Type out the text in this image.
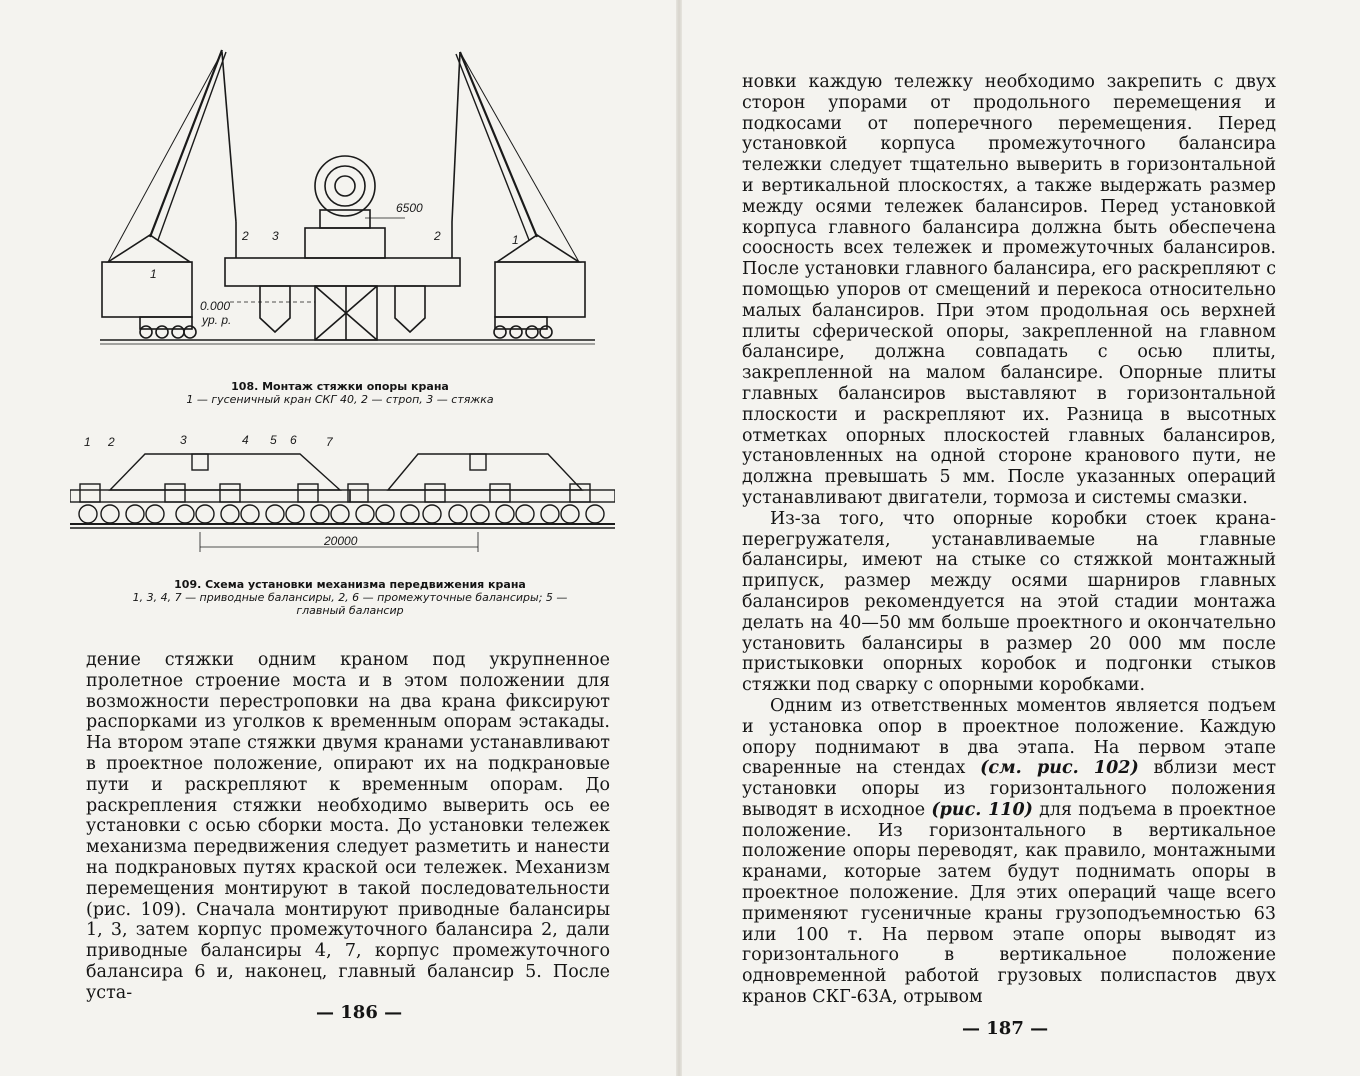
1
2 3	2	1
6500
0.000
ур. р.
108. Монтаж стяжки опоры крана
1 — гусеничный кран СКГ 40, 2 — строп, 3 — стяжка
1 2	3	4 5 6 7
20000
109. Схема установки механизма передвижения крана
1, 3, 4, 7 — приводные балансиры, 2, 6 — промежуточные балансиры; 5 —
главный балансир

дение стяжки одним краном под укрупненное пролетное строение моста и в этом положении для возможности перестроповки на два крана фиксируют распорками из уголков к временным опорам эстакады. На втором этапе стяжки двумя кранами устанавливают в проектное положение, опирают их на подкрановые пути и раскрепляют к временным опорам. До раскрепления стяжки необходимо выверить ось ее установки с осью сборки моста. До установки тележек механизма передвижения следует разметить и нанести на подкрановых путях краской оси тележек. Механизм перемещения монтируют в такой последовательности (рис. 109). Сначала монтируют приводные балансиры 1, 3, затем корпус промежуточного балансира 2, дали приводные балансиры 4, 7, корпус промежуточного балансира 6 и, наконец, главный балансир 5. После уста-

— 186 —

новки каждую тележку необходимо закрепить с двух сторон упорами от продольного перемещения и подкосами от поперечного перемещения. Перед установкой корпуса промежуточного балансира тележки следует тщательно выверить в горизонтальной и вертикальной плоскостях, а также выдержать размер между осями тележек балансиров. Перед установкой корпуса главного балансира должна быть обеспечена соосность всех тележек и промежуточных балансиров. После установки главного балансира, его раскрепляют с помощью упоров от смещений и перекоса относительно малых балансиров. При этом продольная ось верхней плиты сферической опоры, закрепленной на главном балансире, должна совпадать с осью плиты, закрепленной на малом балансире. Опорные плиты главных балансиров выставляют в горизонтальной плоскости и раскрепляют их. Разница в высотных отметках опорных плоскостей главных балансиров, установленных на одной стороне кранового пути, не должна превышать 5 мм. После указанных операций устанавливают двигатели, тормоза и системы смазки.

Из-за того, что опорные коробки стоек крана-перегружателя, устанавливаемые на главные балансиры, имеют на стыке со стяжкой монтажный припуск, размер между осями шарниров главных балансиров рекомендуется на этой стадии монтажа делать на 40—50 мм больше проектного и окончательно установить балансиры в размер 20 000 мм после пристыковки опорных коробок и подгонки стыков стяжки под сварку с опорными коробками.

Одним из ответственных моментов является подъем и установка опор в проектное положение. Каждую опору поднимают в два этапа. На первом этапе сваренные на стендах (см. рис. 102) вблизи мест установки опоры из горизонтального положения выводят в исходное (рис. 110) для подъема в проектное положение. Из горизонтального в вертикальное положение опоры переводят, как правило, монтажными кранами, которые затем будут поднимать опоры в проектное положение. Для этих операций чаще всего применяют гусеничные краны грузоподъемностью 63 или 100 т. На первом этапе опоры выводят из горизонтального в вертикальное положение одновременной работой грузовых полиспастов двух кранов СКГ-63А, отрывом

— 187 —
